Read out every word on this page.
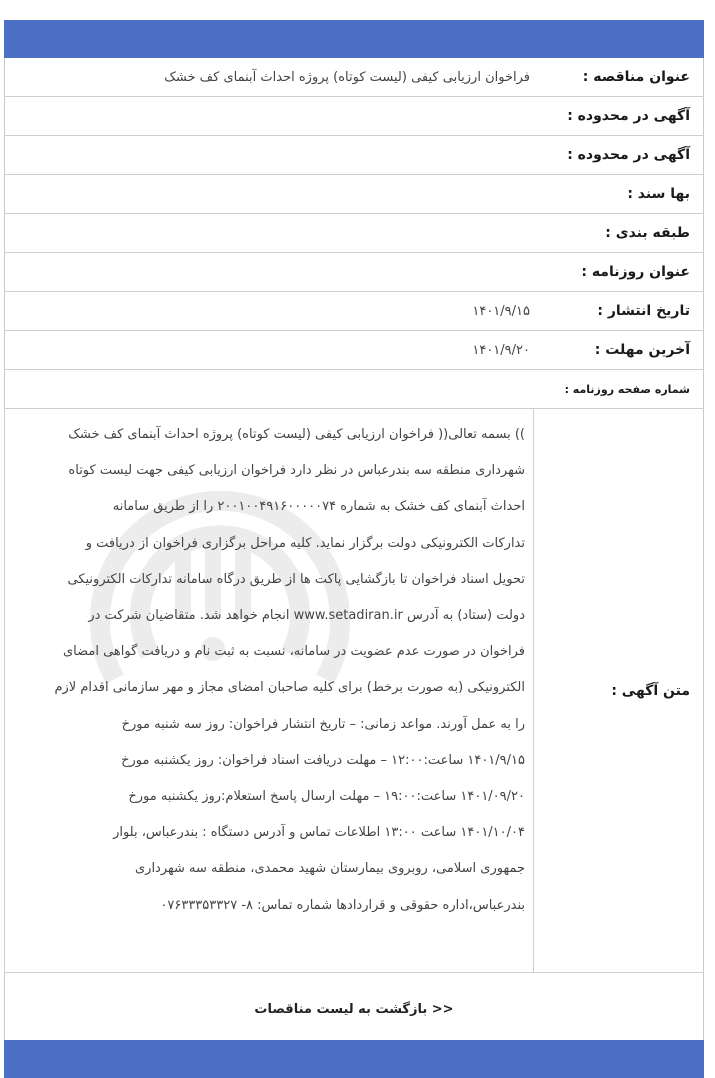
عنوان مناقصه :
فراخوان ارزیابی کیفی (لیست کوتاه) پروژه احداث آبنمای کف خشک
آگهی در محدوده :
آگهی در محدوده :
بها سند :
طبقه بندی :
عنوان روزنامه :
تاریخ انتشار :
۱۴۰۱/۹/۱۵
آخرین مهلت :
۱۴۰۱/۹/۲۰
شماره صفحه روزنامه :
متن آگهی :
)) بسمه تعالی(( فراخوان ارزیابی کیفی (لیست کوتاه) پروژه احداث آبنمای کف خشک
شهرداری منطقه سه بندرعباس در نظر دارد فراخوان ارزیابی کیفی جهت لیست کوتاه
احداث آبنمای کف خشک به شماره ۲۰۰۱۰۰۴۹۱۶۰۰۰۰۰۷۴ را از طریق سامانه
تدارکات الکترونیکی دولت برگزار نماید. کلیه مراحل برگزاری فراخوان از دریافت و
تحویل اسناد فراخوان تا بازگشایی پاکت ها از طریق درگاه سامانه تدارکات الکترونیکی
دولت (ستاد) به آدرس www.setadiran.ir انجام خواهد شد. متقاضیان شرکت در
فراخوان در صورت عدم عضویت در سامانه، نسبت به ثبت نام و دریافت گواهی امضای
الکترونیکی (به صورت برخط) برای کلیه صاحبان امضای مجاز و مهر سازمانی اقدام لازم
را به عمل آورند. مواعد زمانی: – تاریخ انتشار فراخوان: روز سه شنبه مورخ
۱۴۰۱/۹/۱۵ ساعت:۱۲:۰۰ – مهلت دریافت اسناد فراخوان: روز یکشنبه مورخ
۱۴۰۱/۰۹/۲۰ ساعت:۱۹:۰۰ – مهلت ارسال پاسخ استعلام:روز یکشنبه مورخ
۱۴۰۱/۱۰/۰۴ ساعت ۱۳:۰۰ اطلاعات تماس و آدرس دستگاه : بندرعباس، بلوار
جمهوری اسلامی، روبروی بیمارستان شهید محمدی، منطقه سه شهرداری
بندرعباس،اداره حقوقی و قراردادها شماره تماس: ۸- ۰۷۶۳۳۳۵۳۳۲۷
<< بازگشت به لیست مناقصات
